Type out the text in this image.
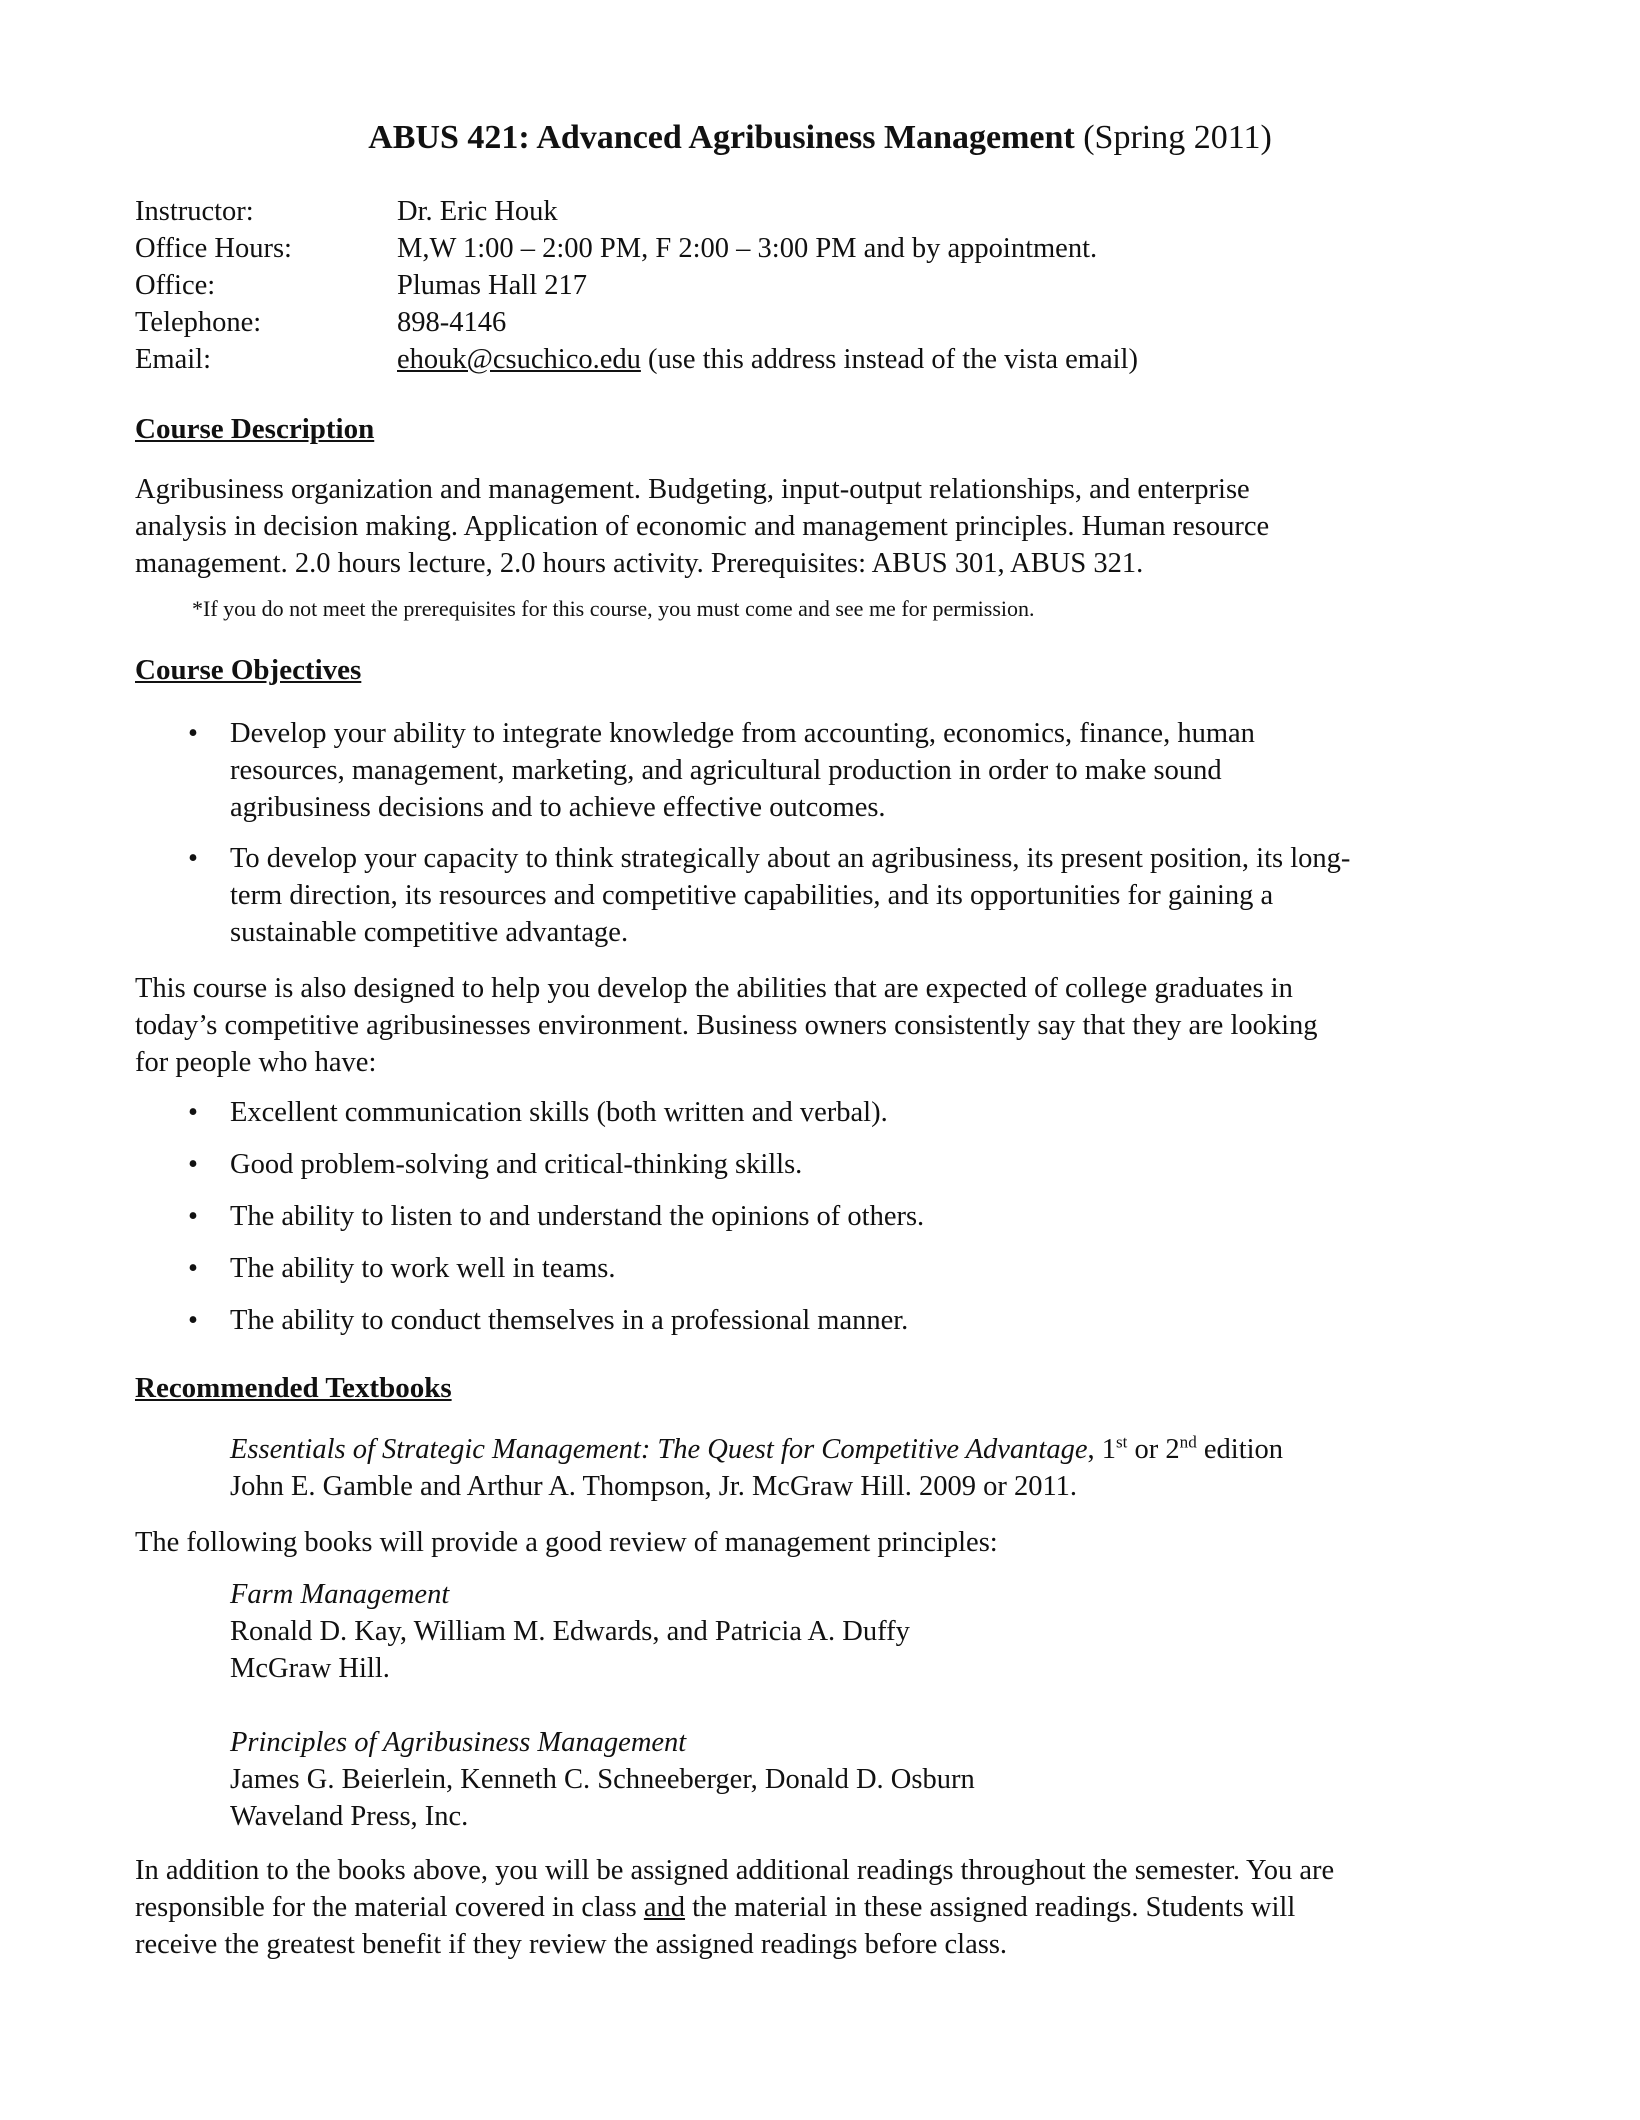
ABUS 421: Advanced Agribusiness Management (Spring 2011)
Instructor:	Dr. Eric Houk
Office Hours:	M,W 1:00 – 2:00 PM, F 2:00 – 3:00 PM and by appointment.
Office:	Plumas Hall 217
Telephone:	898-4146
Email:	ehouk@csuchico.edu (use this address instead of the vista email)
Course Description

Agribusiness organization and management. Budgeting, input-output relationships, and enterprise

analysis in decision making. Application of economic and management principles. Human resource

management. 2.0 hours lecture, 2.0 hours activity. Prerequisites: ABUS 301, ABUS 321.

*If you do not meet the prerequisites for this course, you must come and see me for permission.
Course Objectives
• Develop your ability to integrate knowledge from accounting, economics, finance, human
resources, management, marketing, and agricultural production in order to make sound
agribusiness decisions and to achieve effective outcomes.
• To develop your capacity to think strategically about an agribusiness, its present position, its long-
term direction, its resources and competitive capabilities, and its opportunities for gaining a
sustainable competitive advantage.

This course is also designed to help you develop the abilities that are expected of college graduates in

today’s competitive agribusinesses environment. Business owners consistently say that they are looking

for people who have:

• Excellent communication skills (both written and verbal).
• Good problem-solving and critical-thinking skills.
• The ability to listen to and understand the opinions of others.
• The ability to work well in teams.
• The ability to conduct themselves in a professional manner.
Recommended Textbooks

Essentials of Strategic Management: The Quest for Competitive Advantage, 1st or 2nd edition

John E. Gamble and Arthur A. Thompson, Jr. McGraw Hill. 2009 or 2011.

The following books will provide a good review of management principles:

Farm Management

Ronald D. Kay, William M. Edwards, and Patricia A. Duffy

McGraw Hill.

Principles of Agribusiness Management

James G. Beierlein, Kenneth C. Schneeberger, Donald D. Osburn

Waveland Press, Inc.

In addition to the books above, you will be assigned additional readings throughout the semester. You are

responsible for the material covered in class and the material in these assigned readings. Students will

receive the greatest benefit if they review the assigned readings before class.
